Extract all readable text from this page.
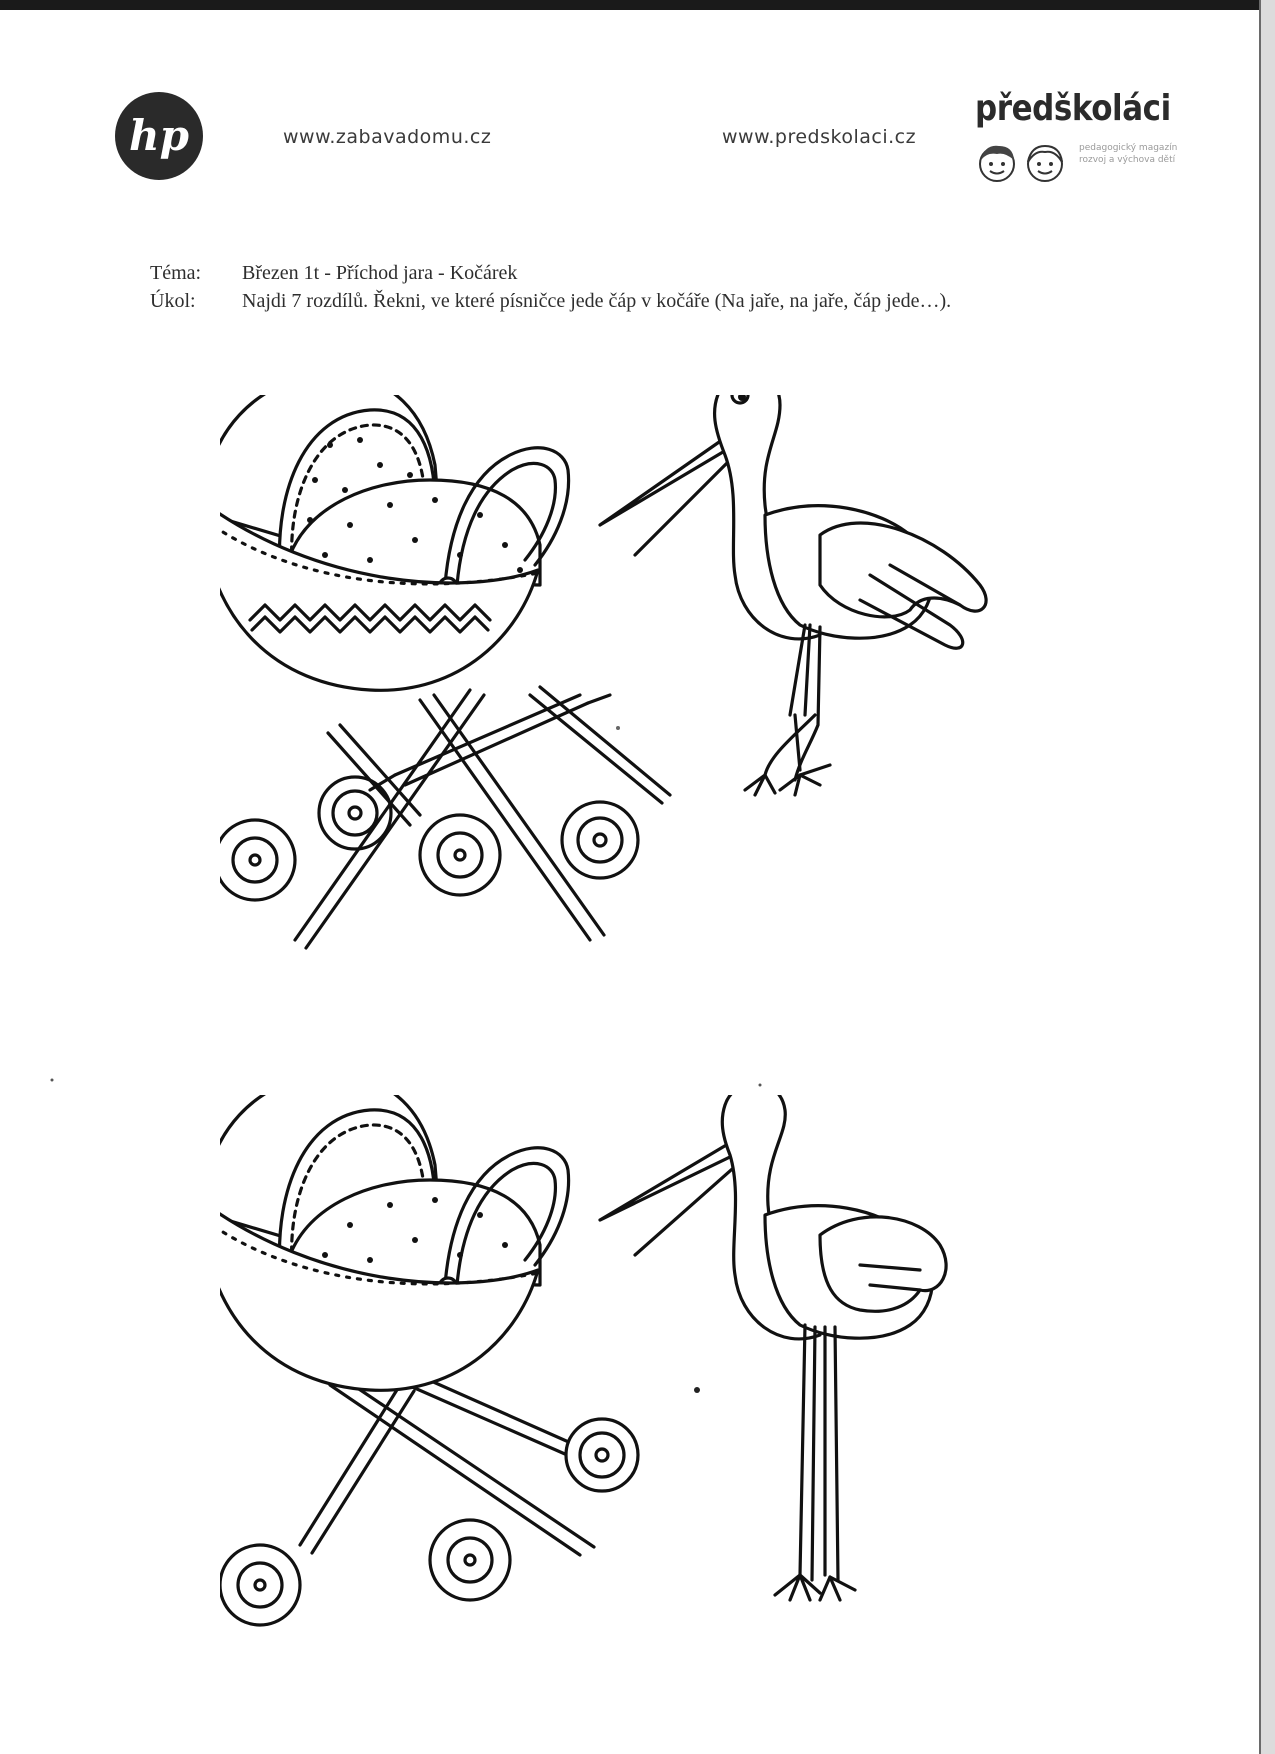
hp	www.zabavadomu.cz	www.predskolaci.cz
předškoláci
pedagogický magazín
rozvoj a výchova dětí
Téma: Březen 1t - Příchod jara - Kočárek
Úkol: Najdi 7 rozdílů. Řekni, ve které písničce jede čáp v kočáře (Na jaře, na jaře, čáp jede…).
